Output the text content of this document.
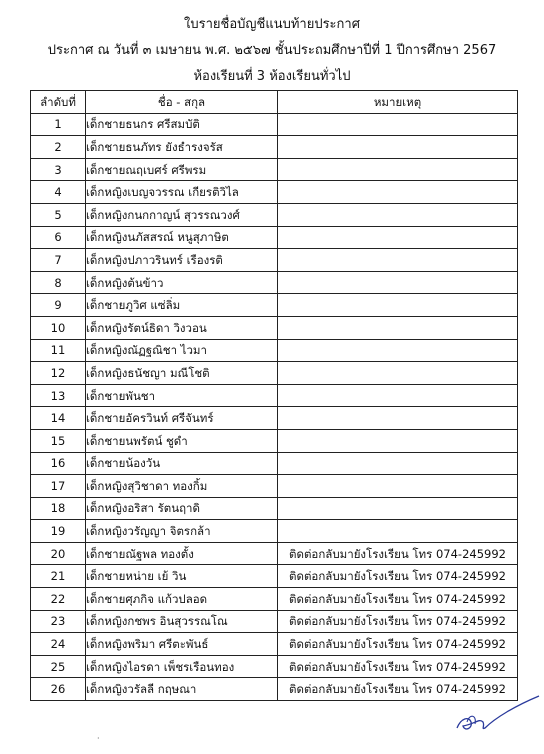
ใบรายชื่อบัญชีแนบท้ายประกาศ
ประกาศ ณ วันที่ ๓ เมษายน พ.ศ. ๒๕๖๗ ชั้นประถมศึกษาปีที่ 1 ปีการศึกษา 2567
ห้องเรียนที่ 3 ห้องเรียนทั่วไป
ลำดับที่	ชื่อ - สกุล	หมายเหตุ
1	เด็กชายธนกร ศรีสมบัติ	
2	เด็กชายธนภัทร ยังธำรงจรัส	
3	เด็กชายณฤเบศร์ ศรีพรม	
4	เด็กหญิงเบญจวรรณ เกียรติวิไล	
5	เด็กหญิงกนกกาญน์ สุวรรณวงศ์	
6	เด็กหญิงนภัสสรณ์ หนูสุภาษิต	
7	เด็กหญิงปภาวรินทร์ เรืองรติ	
8	เด็กหญิงต้นข้าว	
9	เด็กชายภูวิศ แซ่ลิ่ม	
10	เด็กหญิงรัตน์ธิดา วิงวอน	
11	เด็กหญิงณัฏฐณิชา ไวมา	
12	เด็กหญิงธนัชญา มณีโชติ	
13	เด็กชายพันชา	
14	เด็กชายอัครวินท์ ศรีจันทร์	
15	เด็กชายนพรัตน์ ชูดำ	
16	เด็กชายน้องวัน	
17	เด็กหญิงสุวิชาดา ทองกิ้ม	
18	เด็กหญิงอริสา รัตนฤาดิ	
19	เด็กหญิงวรัญญา จิตรกล้า	
20	เด็กชายณัฐพล ทองตั้ง	ติดต่อกลับมายังโรงเรียน โทร 074-245992
21	เด็กชายหน่าย เย้ วิน	ติดต่อกลับมายังโรงเรียน โทร 074-245992
22	เด็กชายศุภกิจ แก้วปลอด	ติดต่อกลับมายังโรงเรียน โทร 074-245992
23	เด็กหญิงกชพร อินสุวรรณโณ	ติดต่อกลับมายังโรงเรียน โทร 074-245992
24	เด็กหญิงพริมา ศรีตะพันธ์	ติดต่อกลับมายังโรงเรียน โทร 074-245992
25	เด็กหญิงไอรดา เพ็ชรเรือนทอง	ติดต่อกลับมายังโรงเรียน โทร 074-245992
26	เด็กหญิงวรัลลี กฤษณา	ติดต่อกลับมายังโรงเรียน โทร 074-245992
·
